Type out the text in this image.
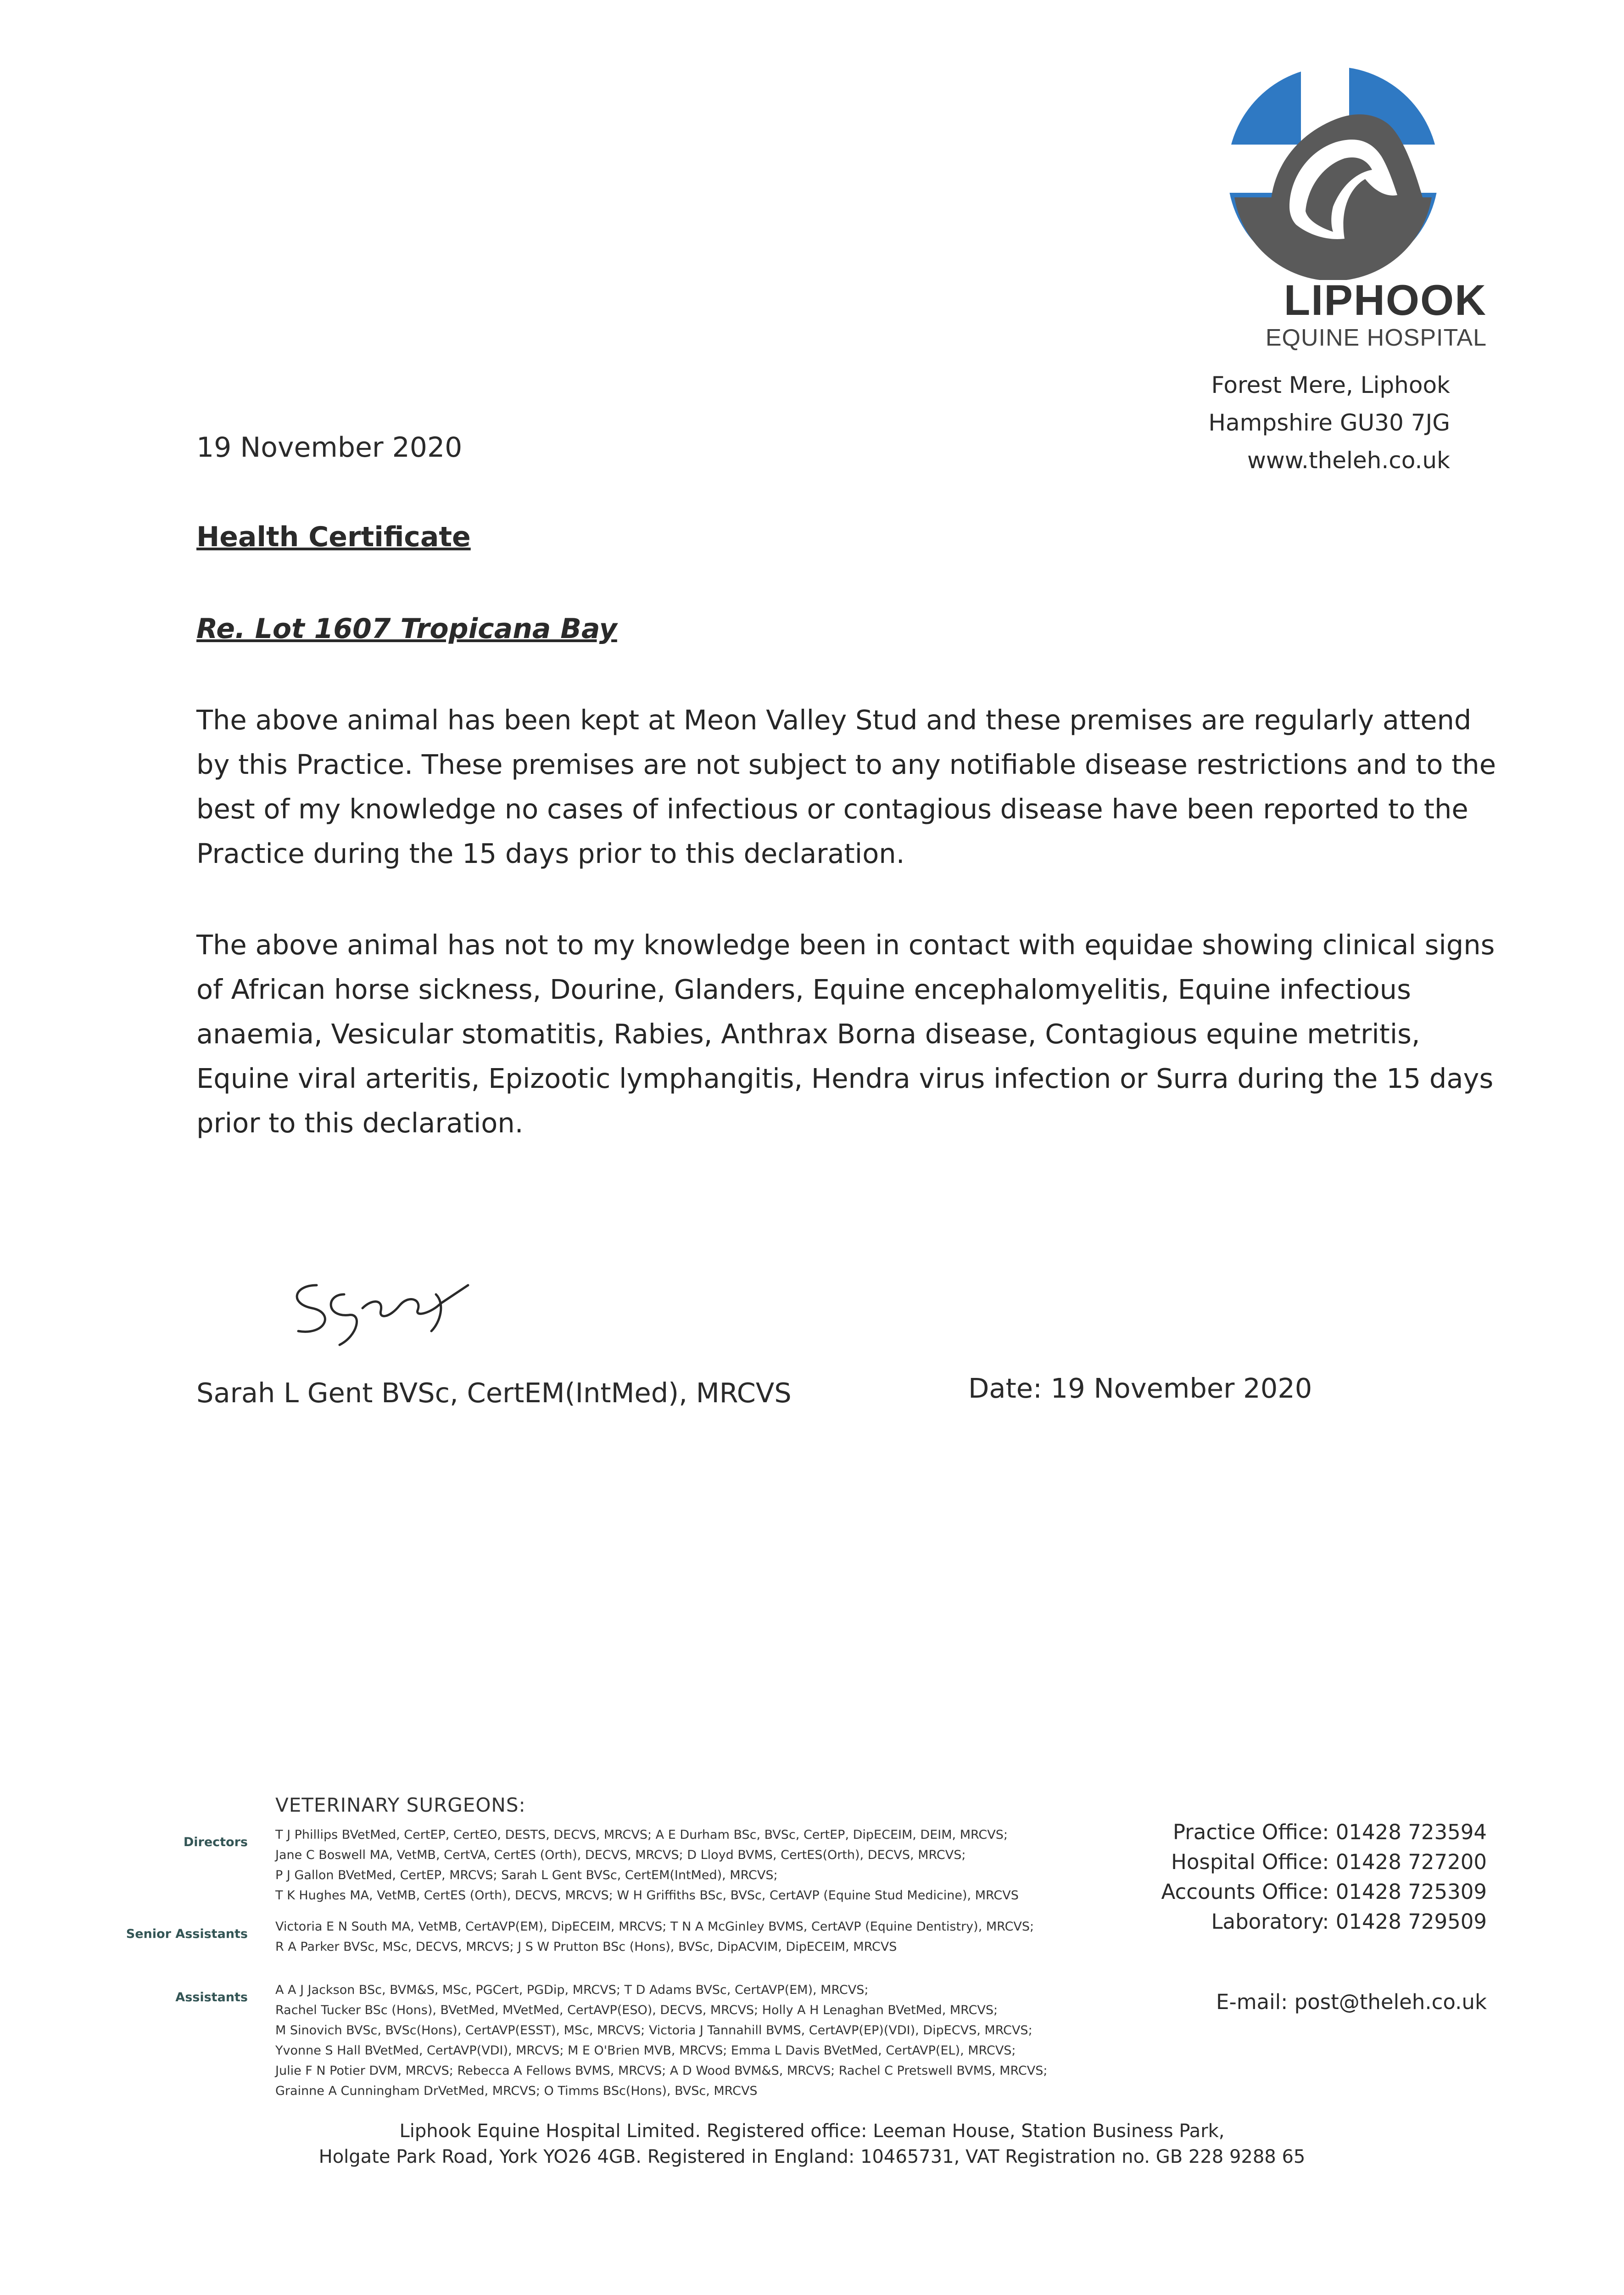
LIPHOOK
EQUINE HOSPITAL
Forest Mere, Liphook
Hampshire GU30 7JG
www.theleh.co.uk
19 November 2020
Health Certificate
Re. Lot 1607 Tropicana Bay
The above animal has been kept at Meon Valley Stud and these premises are regularly attend
by this Practice. These premises are not subject to any notifiable disease restrictions and to the
best of my knowledge no cases of infectious or contagious disease have been reported to the
Practice during the 15 days prior to this declaration.
The above animal has not to my knowledge been in contact with equidae showing clinical signs
of African horse sickness, Dourine, Glanders, Equine encephalomyelitis, Equine infectious
anaemia, Vesicular stomatitis, Rabies, Anthrax Borna disease, Contagious equine metritis,
Equine viral arteritis, Epizootic lymphangitis, Hendra virus infection or Surra during the 15 days
prior to this declaration.
Sarah L Gent BVSc, CertEM(IntMed), MRCVS	Date: 19 November 2020
VETERINARY SURGEONS:
Directors
T J Phillips BVetMed, CertEP, CertEO, DESTS, DECVS, MRCVS; A E Durham BSc, BVSc, CertEP, DipECEIM, DEIM, MRCVS;
Jane C Boswell MA, VetMB, CertVA, CertES (Orth), DECVS, MRCVS; D Lloyd BVMS, CertES(Orth), DECVS, MRCVS;
P J Gallon BVetMed, CertEP, MRCVS; Sarah L Gent BVSc, CertEM(IntMed), MRCVS;
T K Hughes MA, VetMB, CertES (Orth), DECVS, MRCVS; W H Griffiths BSc, BVSc, CertAVP (Equine Stud Medicine), MRCVS
Senior Assistants
Victoria E N South MA, VetMB, CertAVP(EM), DipECEIM, MRCVS; T N A McGinley BVMS, CertAVP (Equine Dentistry), MRCVS;
R A Parker BVSc, MSc, DECVS, MRCVS; J S W Prutton BSc (Hons), BVSc, DipACVIM, DipECEIM, MRCVS
Assistants
A A J Jackson BSc, BVM&S, MSc, PGCert, PGDip, MRCVS; T D Adams BVSc, CertAVP(EM), MRCVS;
Rachel Tucker BSc (Hons), BVetMed, MVetMed, CertAVP(ESO), DECVS, MRCVS; Holly A H Lenaghan BVetMed, MRCVS;
M Sinovich BVSc, BVSc(Hons), CertAVP(ESST), MSc, MRCVS; Victoria J Tannahill BVMS, CertAVP(EP)(VDI), DipECVS, MRCVS;
Yvonne S Hall BVetMed, CertAVP(VDI), MRCVS; M E O'Brien MVB, MRCVS; Emma L Davis BVetMed, CertAVP(EL), MRCVS;
Julie F N Potier DVM, MRCVS; Rebecca A Fellows BVMS, MRCVS; A D Wood BVM&S, MRCVS; Rachel C Pretswell BVMS, MRCVS;
Grainne A Cunningham DrVetMed, MRCVS; O Timms BSc(Hons), BVSc, MRCVS
Practice Office: 01428 723594
Hospital Office: 01428 727200
Accounts Office: 01428 725309
Laboratory: 01428 729509
E-mail: post@theleh.co.uk
Liphook Equine Hospital Limited. Registered office: Leeman House, Station Business Park,
Holgate Park Road, York YO26 4GB. Registered in England: 10465731, VAT Registration no. GB 228 9288 65
